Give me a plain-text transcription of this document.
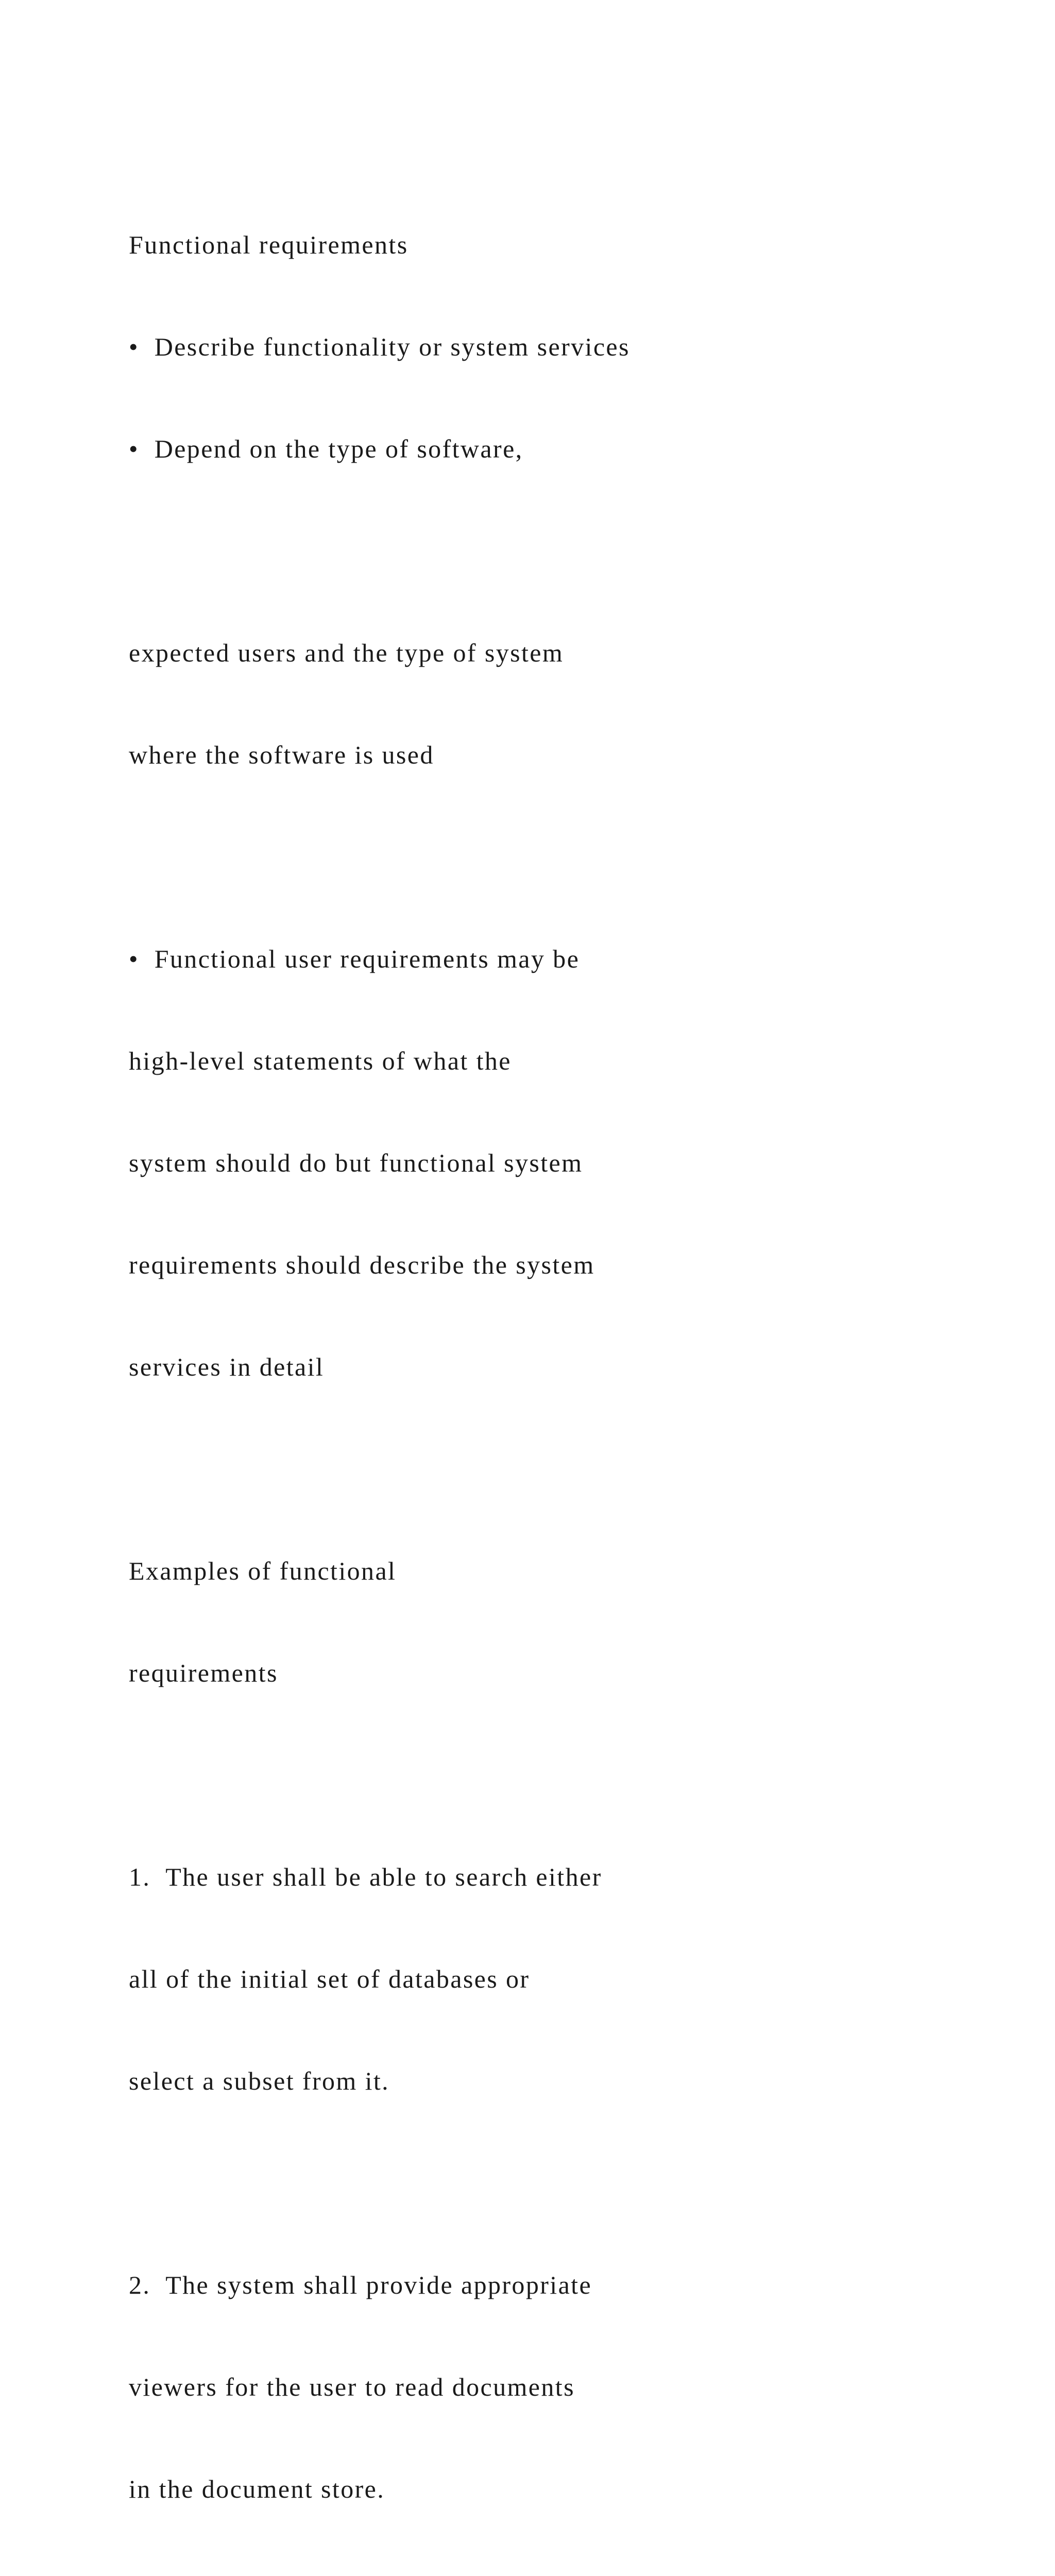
Functional requirements

•  Describe functionality or system services

•  Depend on the type of software,

expected users and the type of system

where the software is used

•  Functional user requirements may be

high-level statements of what the

system should do but functional system

requirements should describe the system

services in detail

Examples of functional

requirements

1.  The user shall be able to search either

all of the initial set of databases or

select a subset from it.

2.  The system shall provide appropriate

viewers for the user to read documents

in the document store.
